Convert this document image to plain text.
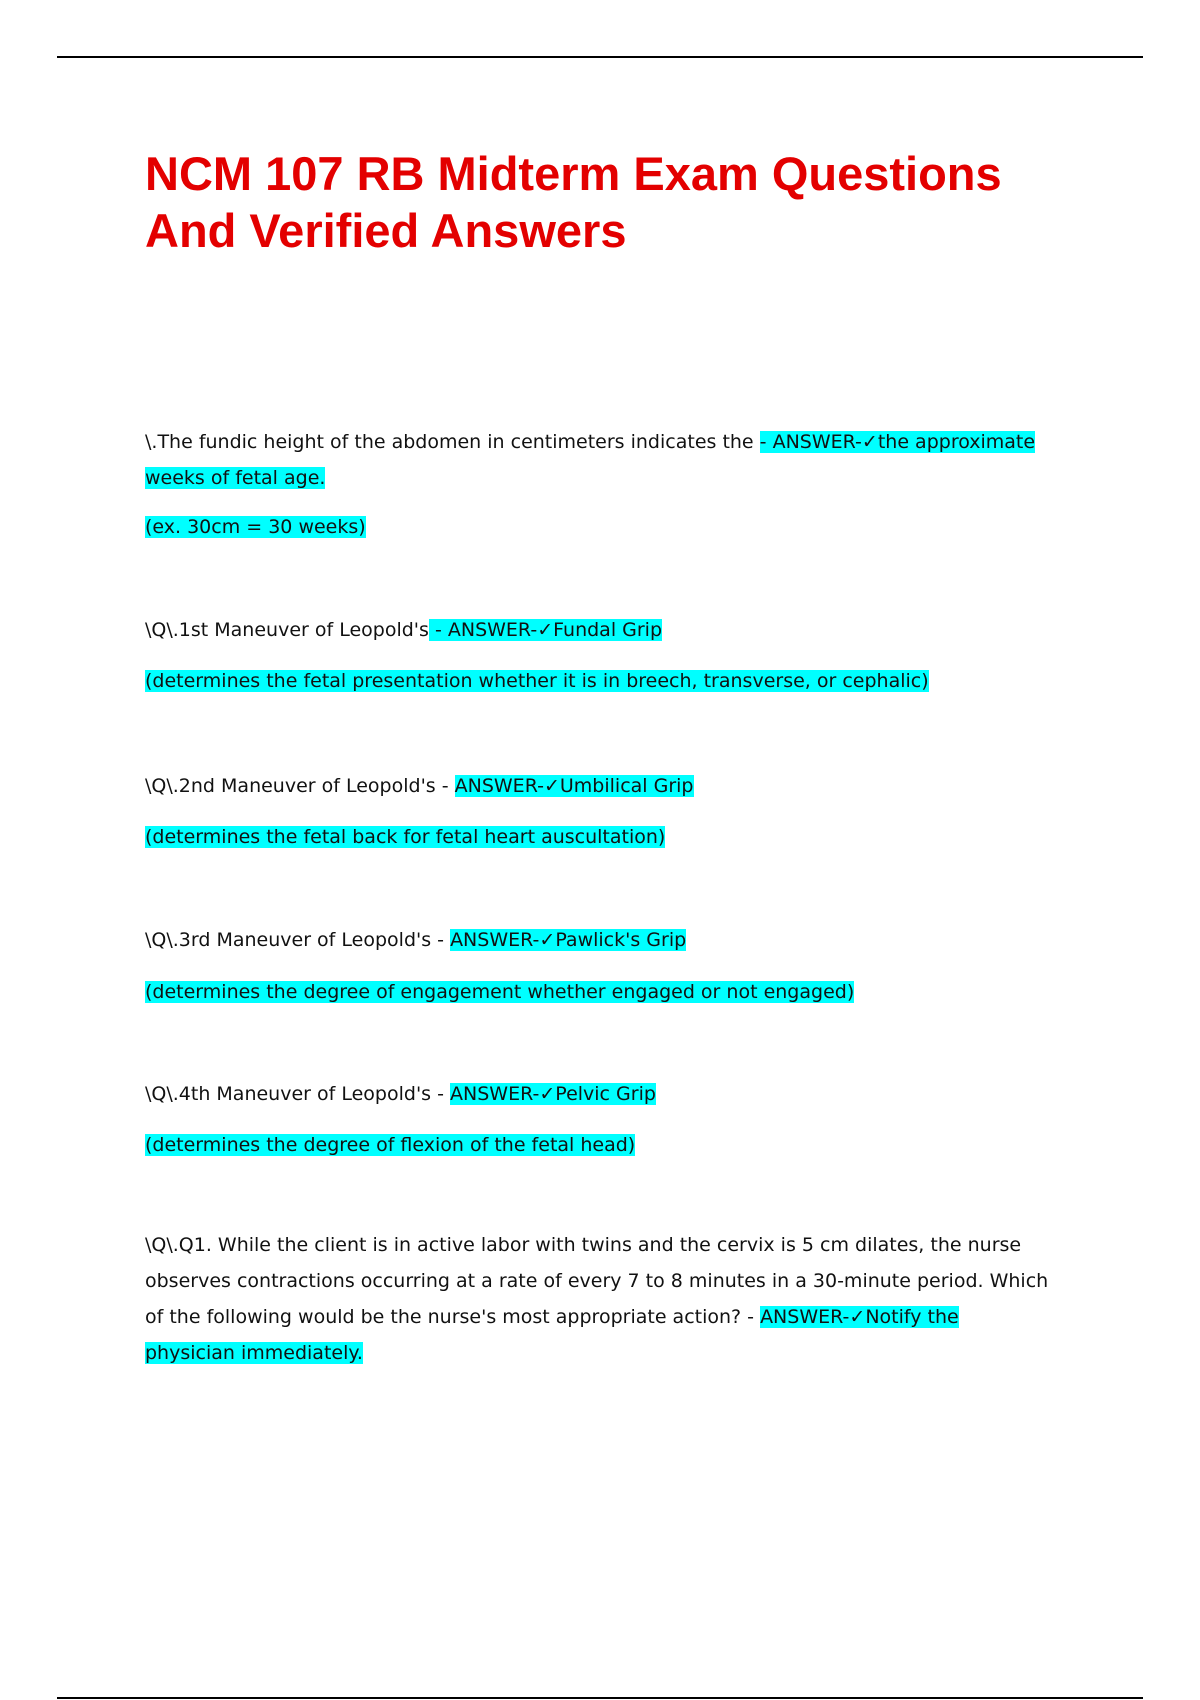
NCM 107 RB Midterm Exam Questions
And Verified Answers
\.The fundic height of the abdomen in centimeters indicates the - ANSWER-✓the approximate
weeks of fetal age.
(ex. 30cm = 30 weeks)
\Q\.1st Maneuver of Leopold's - ANSWER-✓Fundal Grip
(determines the fetal presentation whether it is in breech, transverse, or cephalic)
\Q\.2nd Maneuver of Leopold's - ANSWER-✓Umbilical Grip
(determines the fetal back for fetal heart auscultation)
\Q\.3rd Maneuver of Leopold's - ANSWER-✓Pawlick's Grip
(determines the degree of engagement whether engaged or not engaged)
\Q\.4th Maneuver of Leopold's - ANSWER-✓Pelvic Grip
(determines the degree of flexion of the fetal head)
\Q\.Q1. While the client is in active labor with twins and the cervix is 5 cm dilates, the nurse
observes contractions occurring at a rate of every 7 to 8 minutes in a 30-minute period. Which
of the following would be the nurse's most appropriate action? - ANSWER-✓Notify the
physician immediately.
